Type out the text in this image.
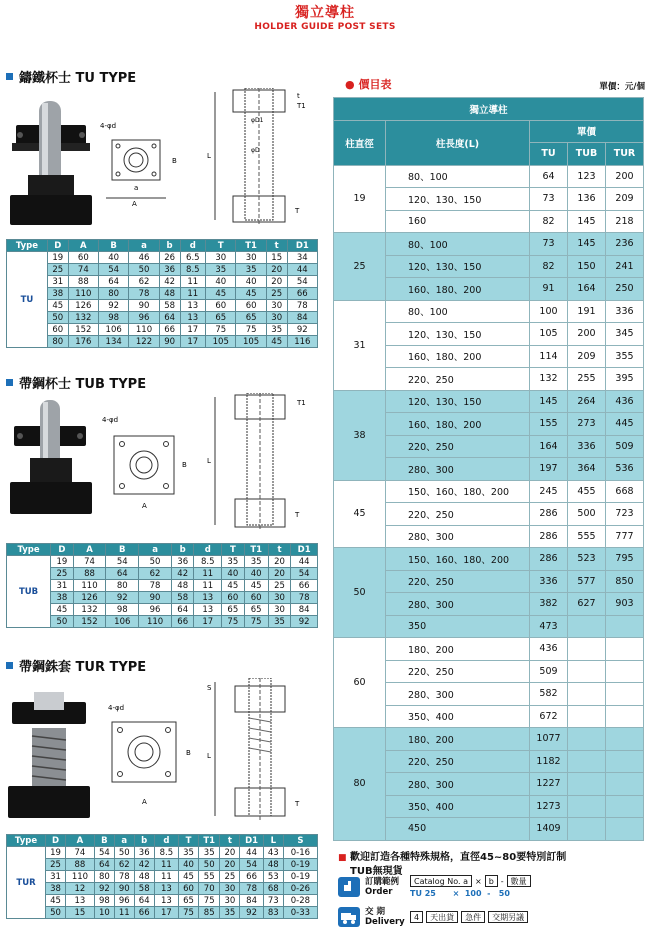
獨立導柱
HOLDER GUIDE POST SETS
鑄鐵杯士 TU TYPE
4-φd
A
B
a
L
t
T1
T
φD1
φD
Type	D	A	B	a	b	d	T	T1	t	D1
TU	19	60	40	46	26	6.5	30	30	15	34
	25	74	54	50	36	8.5	35	35	20	44
	31	88	64	62	42	11	40	40	20	54
	38	110	80	78	48	11	45	45	25	66
	45	126	92	90	58	13	60	60	30	78
	50	132	98	96	64	13	65	65	30	84
	60	152	106	110	66	17	75	75	35	92
	80	176	134	122	90	17	105	105	45	116
帶鋼杯士 TUB TYPE
4-φd
A
B	L
T1
T
Type	D	A	B	a	b	d	T	T1	t	D1
TUB	19	74	54	50	36	8.5	35	35	20	44
	25	88	64	62	42	11	40	40	20	54
	31	110	80	78	48	11	45	45	25	66
	38	126	92	90	58	13	60	60	30	78
	45	132	98	96	64	13	65	65	30	84
	50	152	106	110	66	17	75	75	35	92
帶鋼銖套 TUR TYPE
4-φd
A
B L
S
T
Type	D	A	B	a	b	d	T	T1	t	D1	L	S
TUR	19	74	54	50	36	8.5	35	35	20	44	43	0-16
	25	88	64	62	42	11	40	50	20	54	48	0-19
	31	110	80	78	48	11	45	55	25	66	53	0-19
	38	12	92	90	58	13	60	70	30	78	68	0-26
	45	13	98	96	64	13	65	75	30	84	73	0-28
	50	15	10	11	66	17	75	85	35	92	83	0-33
● 價目表	單價：元/個
獨立導柱				
柱直徑	柱長度(L)	單價		
		TU	TUB	TUR
19	80、100	64	123	200
	120、130、150	73	136	209
	160	82	145	218
25	80、100	73	145	236
	120、130、150	82	150	241
	160、180、200	91	164	250
31	80、100	100	191	336
	120、130、150	105	200	345
	160、180、200	114	209	355
	220、250	132	255	395
38	120、130、150	145	264	436
	160、180、200	155	273	445
	220、250	164	336	509
	280、300	197	364	536
45	150、160、180、200	245	455	668
	220、250	286	500	723
	280、300	286	555	777
50	150、160、180、200	286	523	795
	220、250	336	577	850
	280、300	382	627	903
	350	473		
60	180、200	436		
	220、250	509		
	280、300	582		
	350、400	672		
80	180、200	1077		
	220、250	1182		
	280、300	1227		
	350、400	1273		
	450	1409		
■ 歡迎訂造各種特殊規格，直徑45~80要特別訂制
TUB無現貨
訂購範例
Order
Catalog No. a × b - 數量
TU 25      ×  100  -   50
交 期
Delivery	4	天出貨	急件	交期另議
